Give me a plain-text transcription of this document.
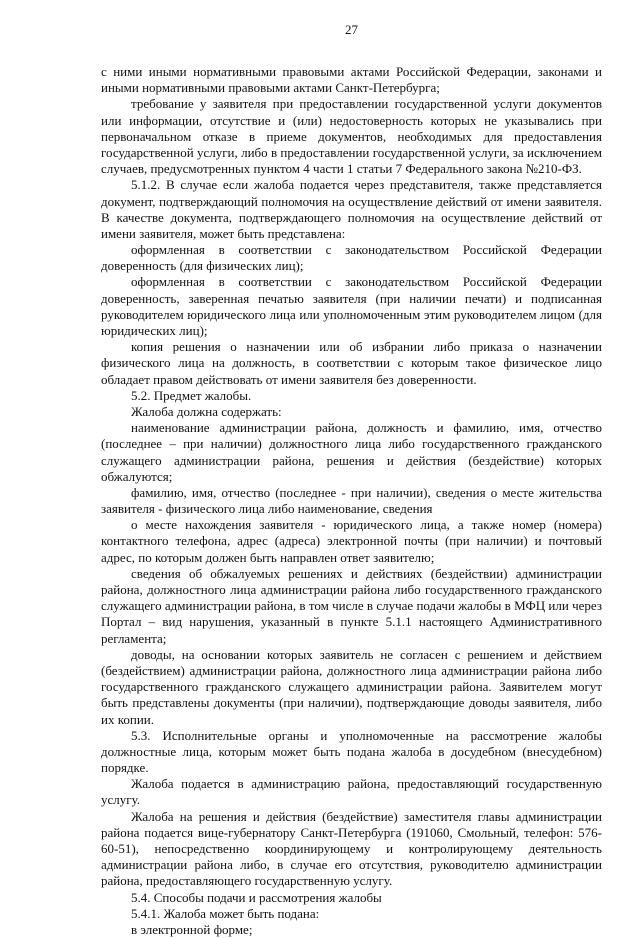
27

с ними иными нормативными правовыми актами Российской Федерации, законами и иными нормативными правовыми актами Санкт-Петербурга;

требование у заявителя при предоставлении государственной услуги документов или информации, отсутствие и (или) недостоверность которых не указывались при первоначальном отказе в приеме документов, необходимых для предоставления государственной услуги, либо в предоставлении государственной услуги, за исключением случаев, предусмотренных пунктом 4 части 1 статьи 7 Федерального закона №210-ФЗ.

5.1.2. В случае если жалоба подается через представителя, также представляется документ, подтверждающий полномочия на осуществление действий от имени заявителя. В качестве документа, подтверждающего полномочия на осуществление действий от имени заявителя, может быть представлена:

оформленная в соответствии с законодательством Российской Федерации доверенность (для физических лиц);

оформленная в соответствии с законодательством Российской Федерации доверенность, заверенная печатью заявителя (при наличии печати) и подписанная руководителем юридического лица или уполномоченным этим руководителем лицом (для юридических лиц);

копия решения о назначении или об избрании либо приказа о назначении физического лица на должность, в соответствии с которым такое физическое лицо обладает правом действовать от имени заявителя без доверенности.

5.2. Предмет жалобы.

Жалоба должна содержать:

наименование администрации района, должность и фамилию, имя, отчество (последнее – при наличии) должностного лица либо государственного гражданского служащего администрации района, решения и действия (бездействие) которых обжалуются;

фамилию, имя, отчество (последнее - при наличии), сведения о месте жительства заявителя - физического лица либо наименование, сведения

о месте нахождения заявителя - юридического лица, а также номер (номера) контактного телефона, адрес (адреса) электронной почты (при наличии) и почтовый адрес, по которым должен быть направлен ответ заявителю;

сведения об обжалуемых решениях и действиях (бездействии) администрации района, должностного лица администрации района либо государственного гражданского служащего администрации района, в том числе в случае подачи жалобы в МФЦ или через Портал – вид нарушения, указанный в пункте 5.1.1 настоящего Административного регламента;

доводы, на основании которых заявитель не согласен с решением и действием (бездействием) администрации района, должностного лица администрации района либо государственного гражданского служащего администрации района. Заявителем могут быть представлены документы (при наличии), подтверждающие доводы заявителя, либо их копии.

5.3. Исполнительные органы и уполномоченные на рассмотрение жалобы должностные лица, которым может быть подана жалоба в досудебном (внесудебном) порядке.

Жалоба подается в администрацию района, предоставляющий государственную услугу.

Жалоба на решения и действия (бездействие) заместителя главы администрации района подается вице-губернатору Санкт-Петербурга (191060, Смольный, телефон: 576-60-51), непосредственно координирующему и контролирующему деятельность администрации района либо, в случае его отсутствия, руководителю администрации района, предоставляющего государственную услугу.

5.4. Способы подачи и рассмотрения жалобы

5.4.1. Жалоба может быть подана:

в электронной форме;
